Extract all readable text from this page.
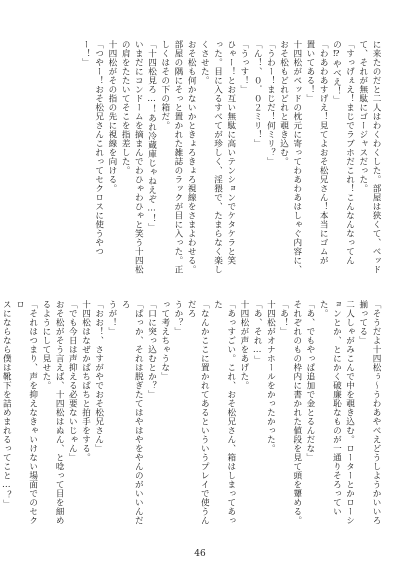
に来たのだと二人はわくわくした。部屋は狭くて、ベッド
て、それが無駄にゴージャスだった。
「すっげぇえ！まじでラブホだこれ！こんなんなってん
の⁉やべえ！」
「わあわあすげえ！見てよおそ松兄さん！本当にゴムが
置いてある！」
十四松がベッドの枕元に寄ってわあわあはしゃぐ内容に、
おそ松もどれどれと覗き込む。
「うわー！まじだ！何ミリ？」
「ん！、０．０２ミリ！」
「うっす！」
ひゃー！とお互い無駄に高いテンションでケタケラと笑
った。目に入るすべてが珍しく、淫猥で、たまらなく楽し
くさせた。
おそ松も何かないかときょろきょろ視線をさまよわせる。
部屋の隅にそっと置かれた雑誌のラックが目に入った。正
しくはその下の箱だ。
「十四松見ろ…！あれ冷蔵庫じゃねえぞ…！」
いまだにコンドームを摘まんでわひゃわひゃと笑う十四松
の肩をたたいてそこを指差した。
十四松がその指の先に視線を向ける。
「つやー！おそ松兄さんこれってセクロスに使うやつー！」
「そうだよ十四松ぅ〜うわあやべえどうしようかいいろ
揃ってる」
二人しゃがみこんで中を覗き込む。ローターとかローシ
ョンとか、とにかく破廉恥なものが一通りそろっていた。
「あ、でもやっぱ追加で金とるんだな」
それぞれのもの枠内に書かれた値段を見て頭を顰める。
「あ！」
十四松がオナホールをかったかった。
「あ、それ…」
十四松が声をあげた。
「あっすごい。これ、おそ松兄さん、箱はしまってあった
「なんかここに置かれてあるといういうプレイで使うんだろ
うか？」
って考えちゃうな」
「口に突っ込むとか？」
「ぱっか、それは脱ぎたてはやはやをやんのがいいんだろ
うが！」
「おお！、さすがやでおそ松兄さん」
十四松はなぜかぱちぱちと拍手をする。
「でも今日は声抑える必要ないじゃん」
おそ松がそう言えば、十四松はぬん、と唸って目を細め
るようにして見せた。
「それはつまり、声を抑えなきゃいけない場面でのセクロ
スにならなら僕は靴下を詰めまれるってこと…？」
46
